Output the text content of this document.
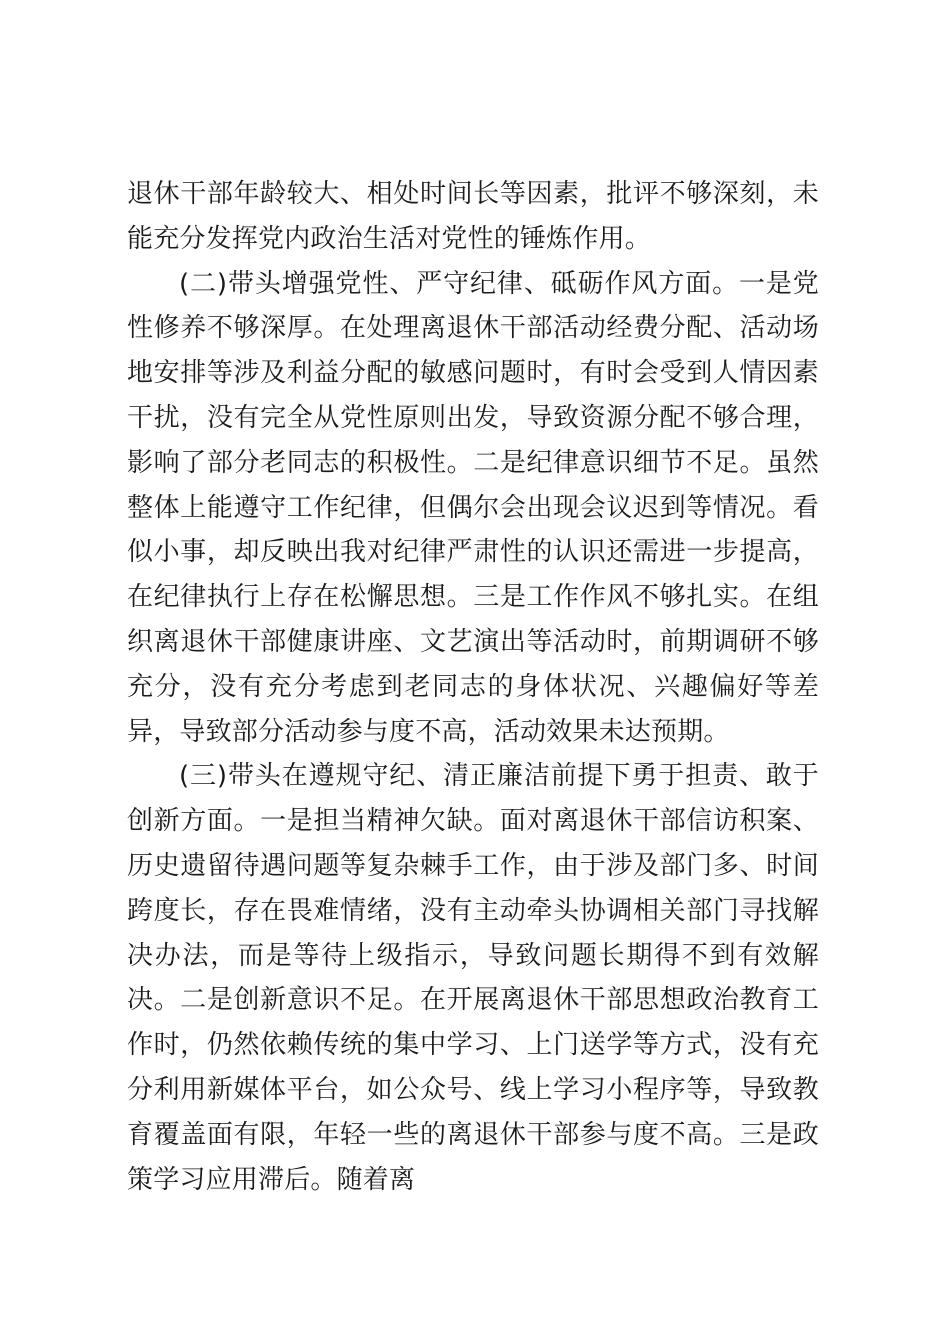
退休干部年龄较大、相处时间长等因素，批评不够深刻，未能充分发挥党内政治生活对党性的锤炼作用。

(二)带头增强党性、严守纪律、砥砺作风方面。一是党性修养不够深厚。在处理离退休干部活动经费分配、活动场地安排等涉及利益分配的敏感问题时，有时会受到人情因素干扰，没有完全从党性原则出发，导致资源分配不够合理，影响了部分老同志的积极性。二是纪律意识细节不足。虽然整体上能遵守工作纪律，但偶尔会出现会议迟到等情况。看似小事，却反映出我对纪律严肃性的认识还需进一步提高，在纪律执行上存在松懈思想。三是工作作风不够扎实。在组织离退休干部健康讲座、文艺演出等活动时，前期调研不够充分，没有充分考虑到老同志的身体状况、兴趣偏好等差异，导致部分活动参与度不高，活动效果未达预期。

(三)带头在遵规守纪、清正廉洁前提下勇于担责、敢于创新方面。一是担当精神欠缺。面对离退休干部信访积案、历史遗留待遇问题等复杂棘手工作，由于涉及部门多、时间跨度长，存在畏难情绪，没有主动牵头协调相关部门寻找解决办法，而是等待上级指示，导致问题长期得不到有效解决。二是创新意识不足。在开展离退休干部思想政治教育工作时，仍然依赖传统的集中学习、上门送学等方式，没有充分利用新媒体平台，如公众号、线上学习小程序等，导致教育覆盖面有限，年轻一些的离退休干部参与度不高。三是政策学习应用滞后。随着离
